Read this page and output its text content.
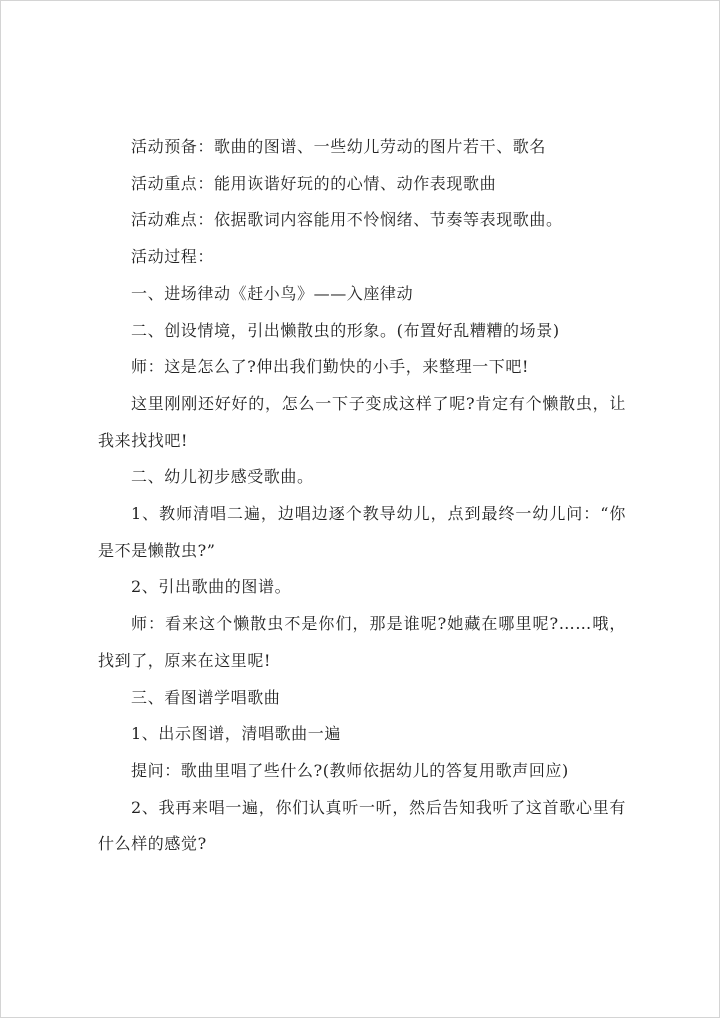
活动预备：歌曲的图谱、一些幼儿劳动的图片若干、歌名

活动重点：能用诙谐好玩的的心情、动作表现歌曲

活动难点：依据歌词内容能用不怜悯绪、节奏等表现歌曲。

活动过程：

一、进场律动《赶小鸟》——入座律动

二、创设情境，引出懒散虫的形象。(布置好乱糟糟的场景)

师：这是怎么了?伸出我们勤快的小手，来整理一下吧!

这里刚刚还好好的，怎么一下子变成这样了呢?肯定有个懒散虫，让我来找找吧!

二、幼儿初步感受歌曲。

1、教师清唱二遍，边唱边逐个教导幼儿，点到最终一幼儿问：“你是不是懒散虫?”

2、引出歌曲的图谱。

师：看来这个懒散虫不是你们，那是谁呢?她藏在哪里呢?……哦，找到了，原来在这里呢!

三、看图谱学唱歌曲

1、出示图谱，清唱歌曲一遍

提问：歌曲里唱了些什么?(教师依据幼儿的答复用歌声回应)

2、我再来唱一遍，你们认真听一听，然后告知我听了这首歌心里有什么样的感觉?
